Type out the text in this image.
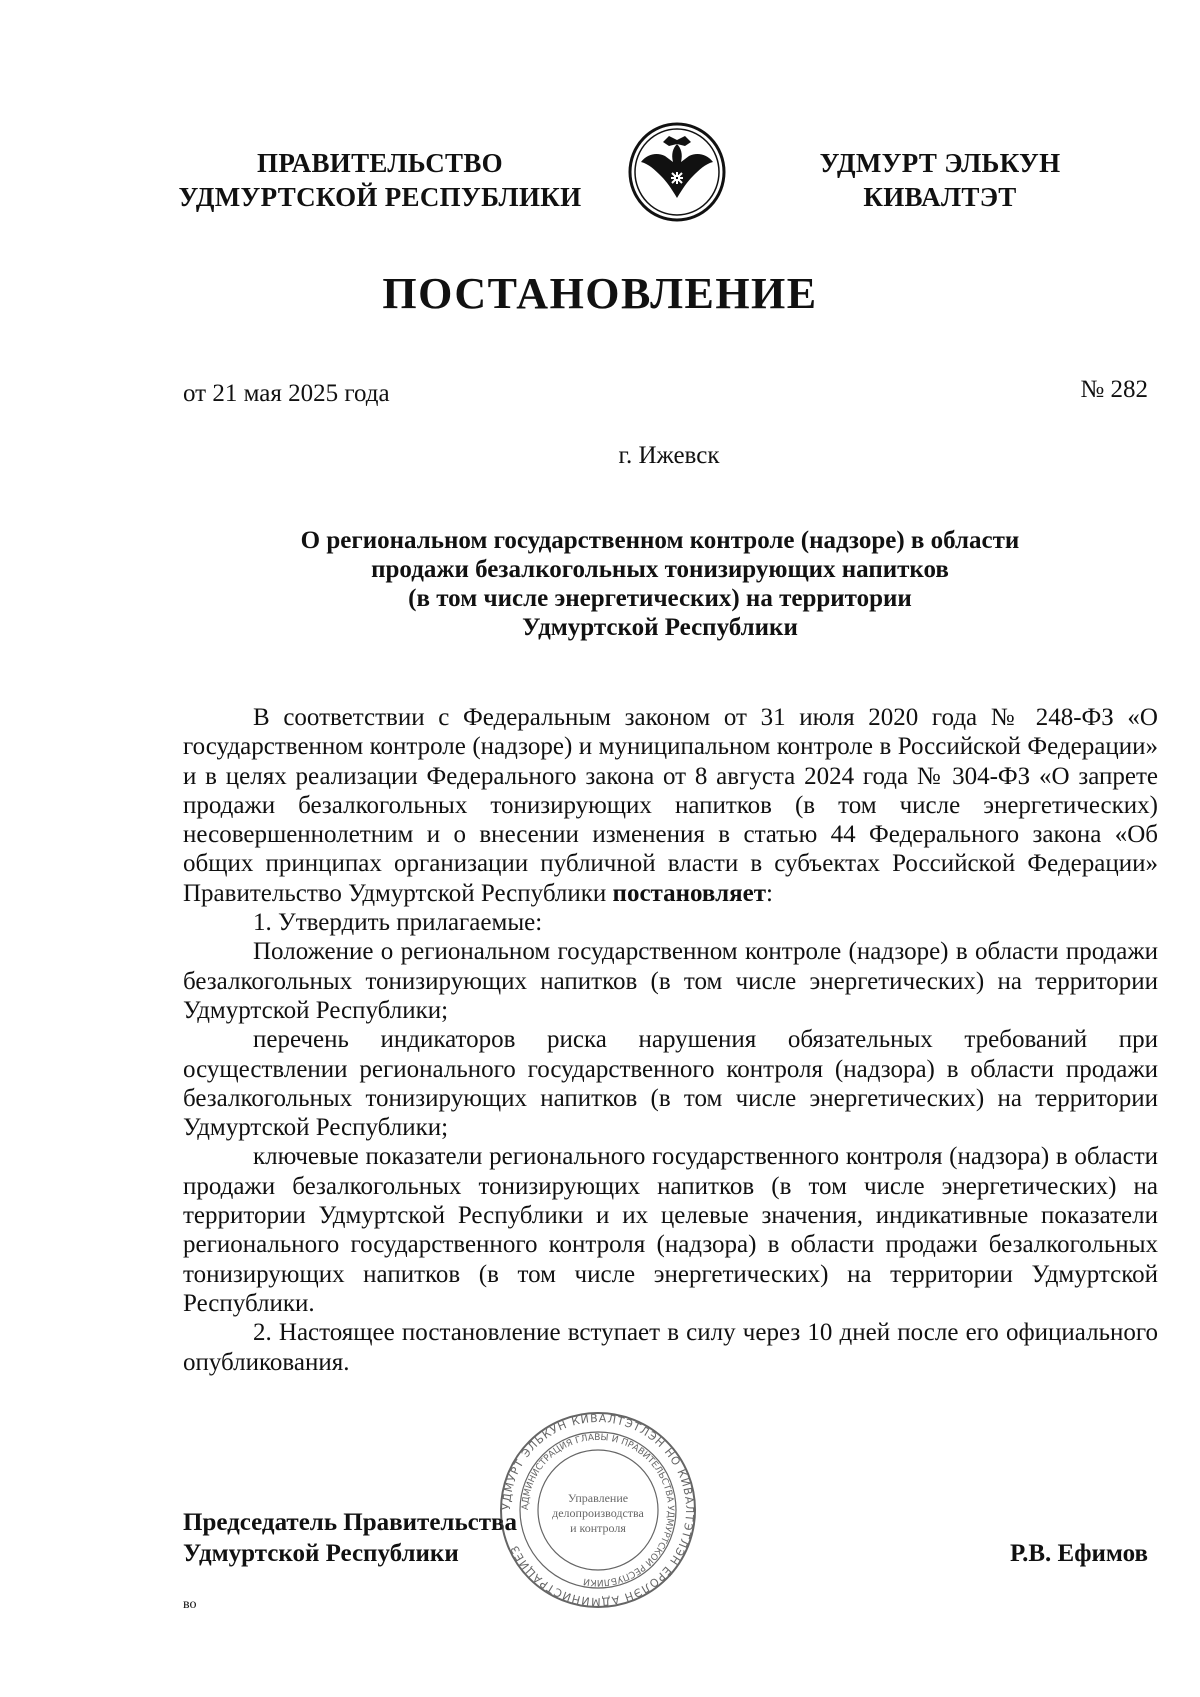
ПРАВИТЕЛЬСТВО
УДМУРТСКОЙ РЕСПУБЛИКИ
УДМУРТ ЭЛЬКУН
КИВАЛТЭТ
ПОСТАНОВЛЕНИЕ
от 21 мая 2025 года	№ 282
г. Ижевск
О региональном государственном контроле (надзоре) в области
продажи безалкогольных тонизирующих напитков
(в том числе энергетических) на территории
Удмуртской Республики

В соответствии с Федеральным законом от 31 июля 2020 года № 248-ФЗ «О государственном контроле (надзоре) и муниципальном контроле в Российской Федерации» и в целях реализации Федерального закона от 8 августа 2024 года № 304-ФЗ «О запрете продажи безалкогольных тонизирующих напитков (в том числе энергетических) несовершеннолетним и о внесении изменения в статью 44 Федерального закона «Об общих принципах организации публичной власти в субъектах Российской Федерации» Правительство Удмуртской Республики постановляет:

1. Утвердить прилагаемые:

Положение о региональном государственном контроле (надзоре) в области продажи безалкогольных тонизирующих напитков (в том числе энергетических) на территории Удмуртской Республики;

перечень индикаторов риска нарушения обязательных требований при осуществлении регионального государственного контроля (надзора) в области продажи безалкогольных тонизирующих напитков (в том числе энергетических) на территории Удмуртской Республики;

ключевые показатели регионального государственного контроля (надзора) в области продажи безалкогольных тонизирующих напитков (в том числе энергетических) на территории Удмуртской Республики и их целевые значения, индикативные показатели регионального государственного контроля (надзора) в области продажи безалкогольных тонизирующих напитков (в том числе энергетических) на территории Удмуртской Республики.

2. Настоящее постановление вступает в силу через 10 дней после его официального опубликования.

Председатель Правительства
Удмуртской Республики
УДМУРТ ЭЛЬКУН КИВАЛТЭТЛЭН НО КИВАЛТЭТЛЭН ЁРОЛЭН АДМИНИСТРАЦИЕЗ
АДМИНИСТРАЦИЯ ГЛАВЫ И ПРАВИТЕЛЬСТВА УДМУРТСКОЙ РЕСПУБЛИКИ
Управление
делопроизводства
и контроля
Р.В. Ефимов
во
